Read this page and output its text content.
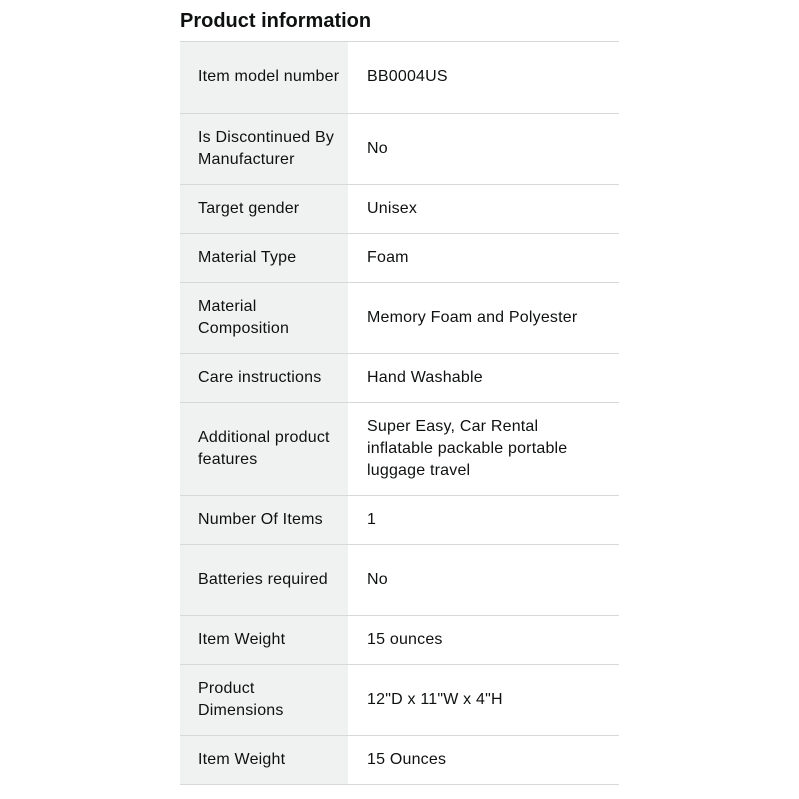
Product information
Item model number	BB0004US
Is Discontinued By Manufacturer	No
Target gender	Unisex
Material Type	Foam
Material Composition	Memory Foam and Polyester
Care instructions	Hand Washable
Additional product features	Super Easy, Car Rental inflatable packable portable luggage travel
Number Of Items	1
Batteries required	No
Item Weight	15 ounces
Product Dimensions	12"D x 11"W x 4"H
Item Weight	15 Ounces
